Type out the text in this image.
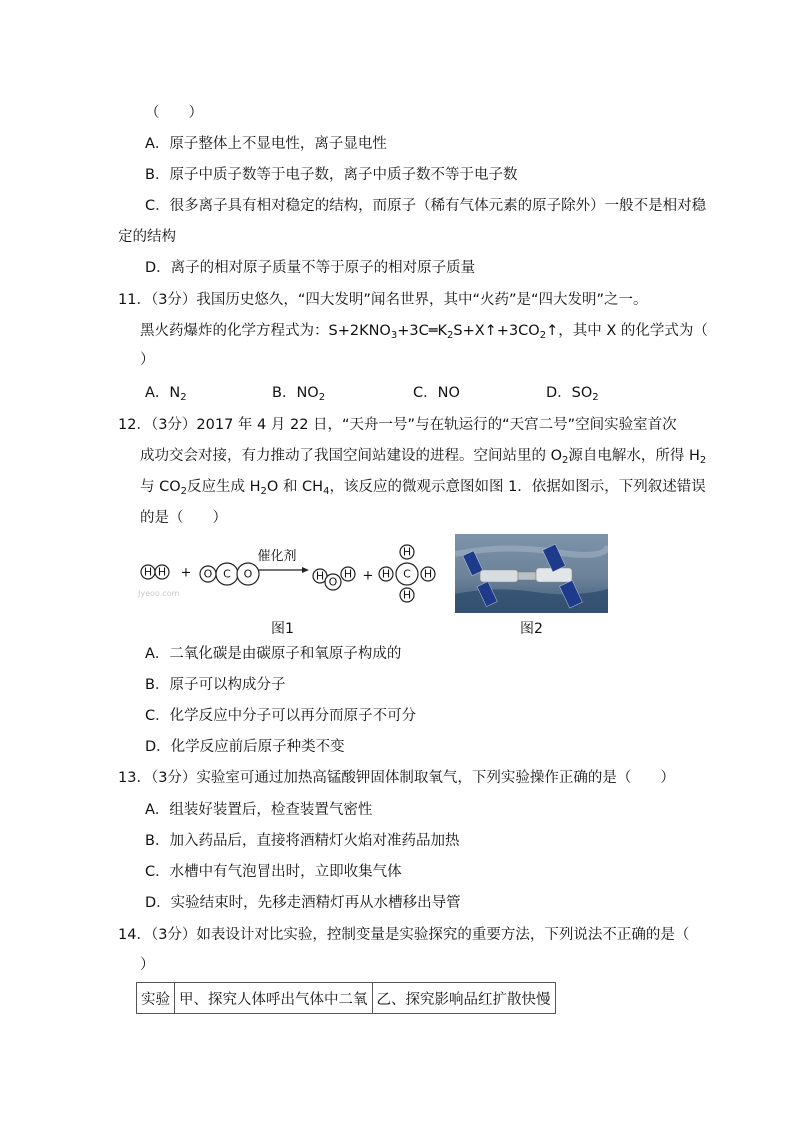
（　　）
A．原子整体上不显电性，离子显电性
B．原子中质子数等于电子数，离子中质子数不等于电子数
C．很多离子具有相对稳定的结构，而原子（稀有气体元素的原子除外）一般不是相对稳
定的结构
D．离子的相对原子质量不等于原子的相对原子质量
11．（3分）我国历史悠久，“四大发明”闻名世界，其中“火药”是“四大发明”之一。
黑火药爆炸的化学方程式为：$S+2KNO_3+3C═K_2S+X↑+3CO_2↑$，其中 X 的化学式为（
）
A．$N_2$	B．$NO_2$	C．NO	D．$SO_2$
12．（3分）2017 年 4 月 22 日，“天舟一号”与在轨运行的“天宫二号”空间实验室首次
成功交会对接，有力推动了我国空间站建设的进程。空间站里的 $O_2$源自电解水，所得 $H_2$
与 $CO_2$反应生成 $H_2O$ 和 $CH_4$，该反应的微观示意图如图 1．依据如图示，下列叙述错误
的是（　　）
H H + O C O
催化剂
H O
H +
H
H C H
H
Jyeoo.com
图1	图2
A．二氧化碳是由碳原子和氧原子构成的
B．原子可以构成分子
C．化学反应中分子可以再分而原子不可分
D．化学反应前后原子种类不变
13．（3分）实验室可通过加热高锰酸钾固体制取氧气，下列实验操作正确的是（　　）
A．组装好装置后，检查装置气密性
B．加入药品后，直接将酒精灯火焰对准药品加热
C．水槽中有气泡冒出时，立即收集气体
D．实验结束时，先移走酒精灯再从水槽移出导管
14．（3分）如表设计对比实验，控制变量是实验探究的重要方法，下列说法不正确的是（
）
实验	甲、探究人体呼出气体中二氧	乙、探究影响品红扩散快慢
